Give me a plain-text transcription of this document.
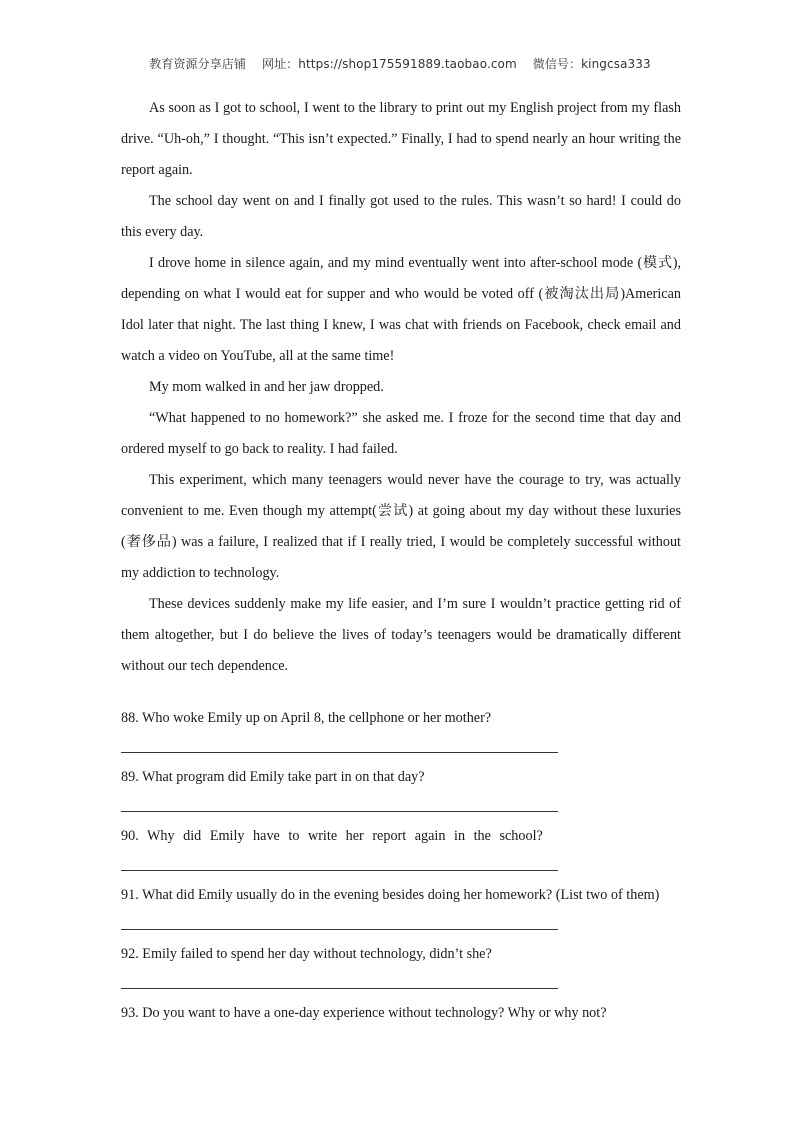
教育资源分享店铺 网址：https://shop175591889.taobao.com 微信号：kingcsa333

As soon as I got to school, I went to the library to print out my English project from my flash drive. “Uh-oh,” I thought. “This isn’t expected.” Finally, I had to spend nearly an hour writing the report again.

The school day went on and I finally got used to the rules. This wasn’t so hard! I could do this every day.

I drove home in silence again, and my mind eventually went into after-school mode (模式), depending on what I would eat for supper and who would be voted off (被淘汰出局)American Idol later that night. The last thing I knew, I was chat with friends on Facebook, check email and watch a video on YouTube, all at the same time!

My mom walked in and her jaw dropped.

“What happened to no homework?” she asked me. I froze for the second time that day and ordered myself to go back to reality. I had failed.

This experiment, which many teenagers would never have the courage to try, was actually convenient to me. Even though my attempt(尝试) at going about my day without these luxuries (奢侈品) was a failure, I realized that if I really tried, I would be completely successful without my addiction to technology.

These devices suddenly make my life easier, and I’m sure I wouldn’t practice getting rid of them altogether, but I do believe the lives of today’s teenagers would be dramatically different without our tech dependence.

88. Who woke Emily up on April 8, the cellphone or her mother?
89. What program did Emily take part in on that day?
90. Why did Emily have to write her report again in the school?
91. What did Emily usually do in the evening besides doing her homework? (List two of them)
92. Emily failed to spend her day without technology, didn’t she?
93. Do you want to have a one-day experience without technology? Why or why not?
